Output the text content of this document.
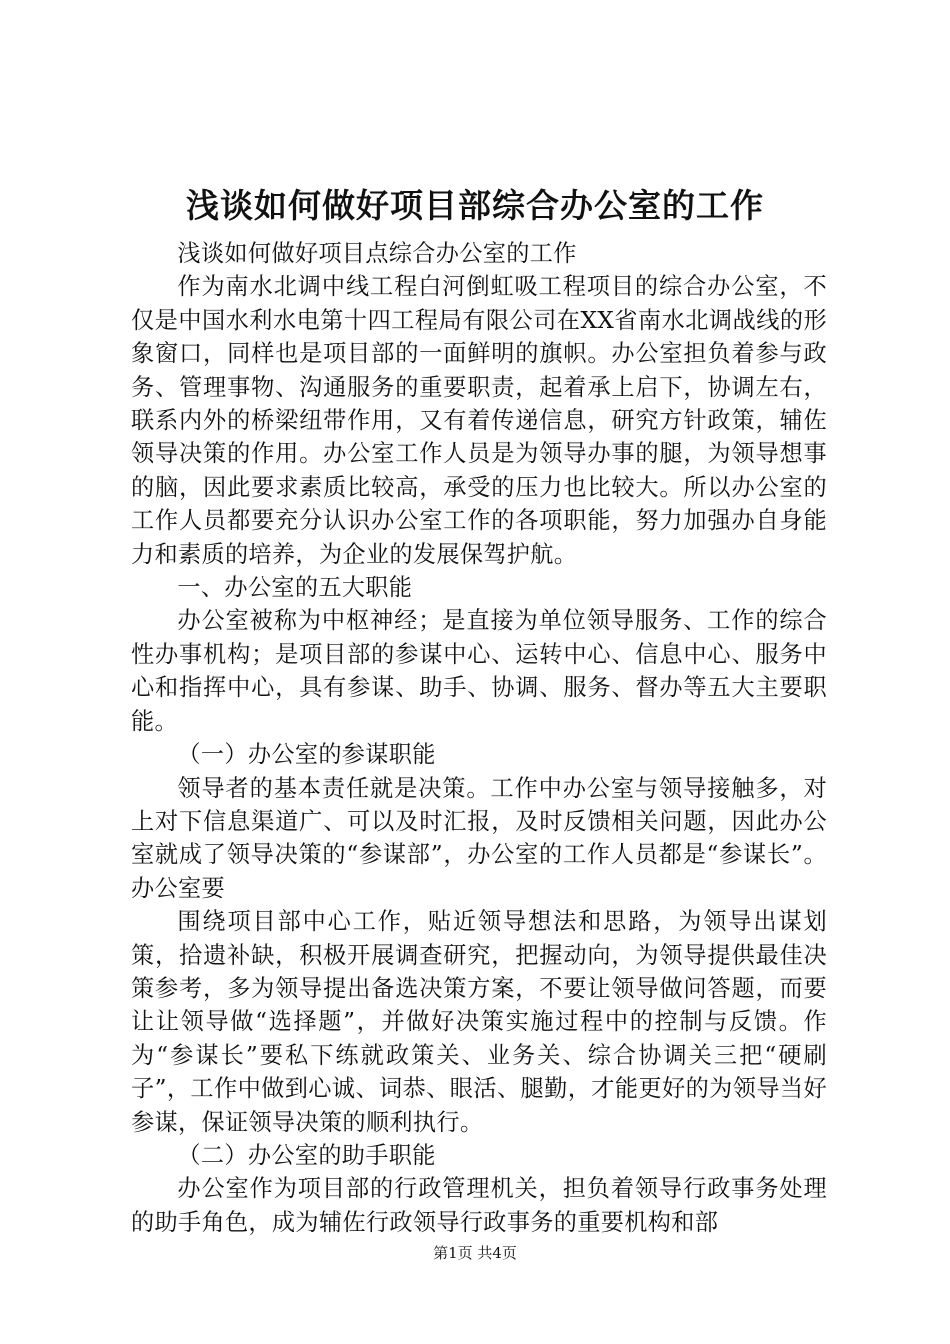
浅谈如何做好项目部综合办公室的工作

浅谈如何做好项目点综合办公室的工作

作为南水北调中线工程白河倒虹吸工程项目的综合办公室，不仅是中国水利水电第十四工程局有限公司在XX省南水北调战线的形象窗口，同样也是项目部的一面鲜明的旗帜。办公室担负着参与政务、管理事物、沟通服务的重要职责，起着承上启下，协调左右，联系内外的桥梁纽带作用，又有着传递信息，研究方针政策，辅佐领导决策的作用。办公室工作人员是为领导办事的腿，为领导想事的脑，因此要求素质比较高，承受的压力也比较大。所以办公室的工作人员都要充分认识办公室工作的各项职能，努力加强办自身能力和素质的培养，为企业的发展保驾护航。

一、办公室的五大职能

办公室被称为中枢神经；是直接为单位领导服务、工作的综合性办事机构；是项目部的参谋中心、运转中心、信息中心、服务中心和指挥中心，具有参谋、助手、协调、服务、督办等五大主要职能。

（一）办公室的参谋职能

领导者的基本责任就是决策。工作中办公室与领导接触多，对上对下信息渠道广、可以及时汇报，及时反馈相关问题，因此办公室就成了领导决策的“参谋部”，办公室的工作人员都是“参谋长”。办公室要

围绕项目部中心工作，贴近领导想法和思路，为领导出谋划策，拾遗补缺，积极开展调查研究，把握动向，为领导提供最佳决策参考，多为领导提出备选决策方案，不要让领导做问答题，而要让让领导做“选择题”，并做好决策实施过程中的控制与反馈。作为“参谋长”要私下练就政策关、业务关、综合协调关三把“硬刷子”，工作中做到心诚、词恭、眼活、腿勤，才能更好的为领导当好参谋，保证领导决策的顺利执行。

（二）办公室的助手职能

办公室作为项目部的行政管理机关，担负着领导行政事务处理的助手角色，成为辅佐行政领导行政事务的重要机构和部

第1页 共4页
